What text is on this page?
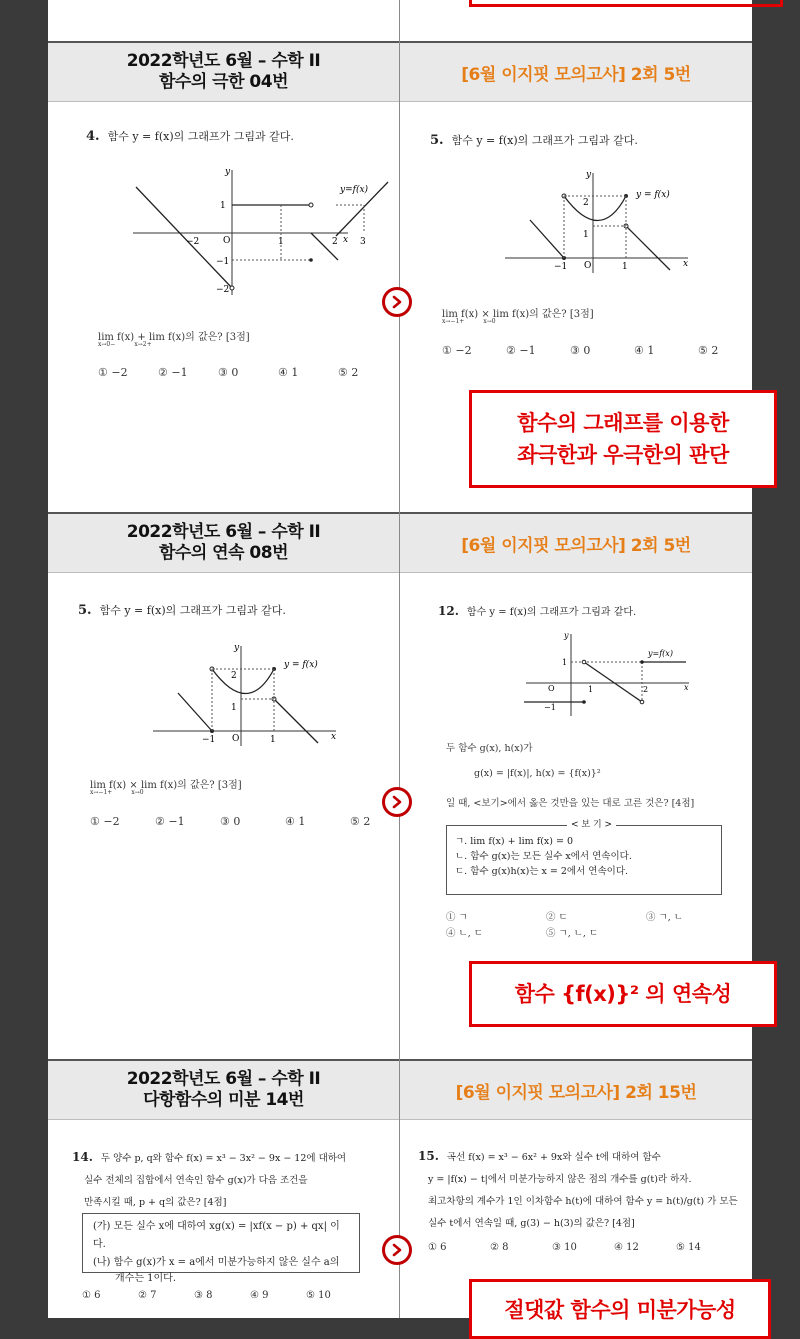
2022학년도 6월 – 수학 II
함수의 극한 04번	[6월 이지핏 모의고사] 2회 5번
4. 함수 y = f(x)의 그래프가 그림과 같다.
x
y
O
1
−1
−2
−2	1	2 3
y=f(x)
lim f(x) + lim f(x)의 값은? [3점]
x→0−	x→2+
① −2	② −1	③ 0	④ 1	⑤ 2
5. 함수 y = f(x)의 그래프가 그림과 같다.
x
y
O
2
1
−1	1
y = f(x)
lim f(x) × lim f(x)의 값은? [3점]
x→−1+	x→0
① −2	② −1	③ 0	④ 1	⑤ 2
함수의 그래프를 이용한
좌극한과 우극한의 판단
2022학년도 6월 – 수학 II
함수의 연속 08번	[6월 이지핏 모의고사] 2회 5번
5. 함수 y = f(x)의 그래프가 그림과 같다.
x
y
O
2
1
−1	1
y = f(x)
lim f(x) × lim f(x)의 값은? [3점]
x→−1+	x→0
① −2	② −1	③ 0	④ 1	⑤ 2
12. 함수 y = f(x)의 그래프가 그림과 같다.
x
y
O
1
1	2
−1
y=f(x)
두 함수 g(x), h(x)가
g(x) = |f(x)|, h(x) = {f(x)}²
일 때, <보기>에서 옳은 것만을 있는 대로 고른 것은? [4점]
< 보 기 >
ㄱ. lim f(x) + lim f(x) = 0
ㄴ. 함수 g(x)는 모든 실수 x에서 연속이다.
ㄷ. 함수 g(x)h(x)는 x = 2에서 연속이다.
① ㄱ	② ㄷ	③ ㄱ, ㄴ
④ ㄴ, ㄷ	⑤ ㄱ, ㄴ, ㄷ
함수 {f(x)}² 의 연속성
2022학년도 6월 – 수학 II
다항함수의 미분 14번	[6월 이지핏 모의고사] 2회 15번
14. 두 양수 p, q와 함수 f(x) = x³ − 3x² − 9x − 12에 대하여
실수 전체의 집합에서 연속인 함수 g(x)가 다음 조건을
만족시킬 때, p + q의 값은? [4점]
(가) 모든 실수 x에 대하여 xg(x) = |xf(x − p) + qx| 이다.
(나) 함수 g(x)가 x = a에서 미분가능하지 않은 실수 a의
개수는 1이다.
① 6	② 7	③ 8	④ 9	⑤ 10
15. 곡선 f(x) = x³ − 6x² + 9x와 실수 t에 대하여 함수
y = |f(x) − t|에서 미분가능하지 않은 점의 개수를 g(t)라 하자.
최고차항의 계수가 1인 이차함수 h(t)에 대하여 함수 y = h(t)/g(t) 가 모든
실수 t에서 연속일 때, g(3) − h(3)의 값은? [4점]
① 6	② 8	③ 10	④ 12	⑤ 14
절댓값 함수의 미분가능성
